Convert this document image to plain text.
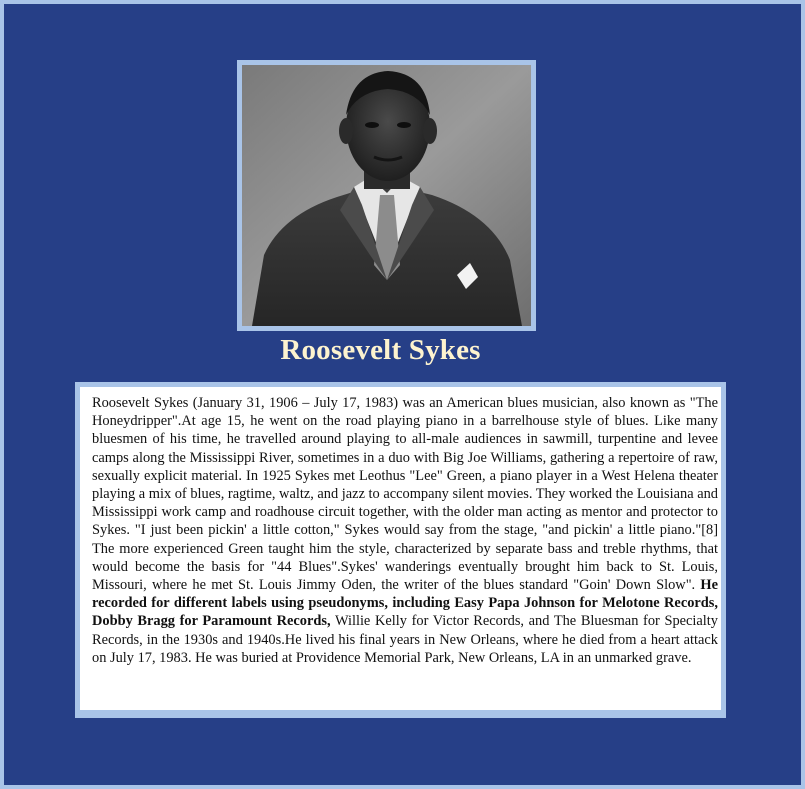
Roosevelt Sykes

Roosevelt Sykes (January 31, 1906 – July 17, 1983) was an American blues musician, also known as "The Honeydripper".At age 15, he went on the road playing piano in a barrelhouse style of blues. Like many bluesmen of his time, he travelled around playing to all-male audiences in sawmill, turpentine and levee camps along the Mississippi River, sometimes in a duo with Big Joe Williams, gathering a repertoire of raw, sexually explicit material. In 1925 Sykes met Leothus "Lee" Green, a piano player in a West Helena theater playing a mix of blues, ragtime, waltz, and jazz to accompany silent movies. They worked the Louisiana and Mississippi work camp and roadhouse circuit together, with the older man acting as mentor and protector to Sykes. "I just been pickin' a little cotton," Sykes would say from the stage, "and pickin' a little piano."[8] The more experienced Green taught him the style, characterized by separate bass and treble rhythms, that would become the basis for "44 Blues".Sykes' wanderings eventually brought him back to St. Louis, Missouri, where he met St. Louis Jimmy Oden, the writer of the blues standard "Goin' Down Slow". He recorded for different labels using pseudonyms, including Easy Papa Johnson for Melotone Records, Dobby Bragg for Paramount Records, Willie Kelly for Victor Records, and The Bluesman for Specialty Records, in the 1930s and 1940s.He lived his final years in New Orleans, where he died from a heart attack on July 17, 1983. He was buried at Providence Memorial Park, New Orleans, LA in an unmarked grave.
